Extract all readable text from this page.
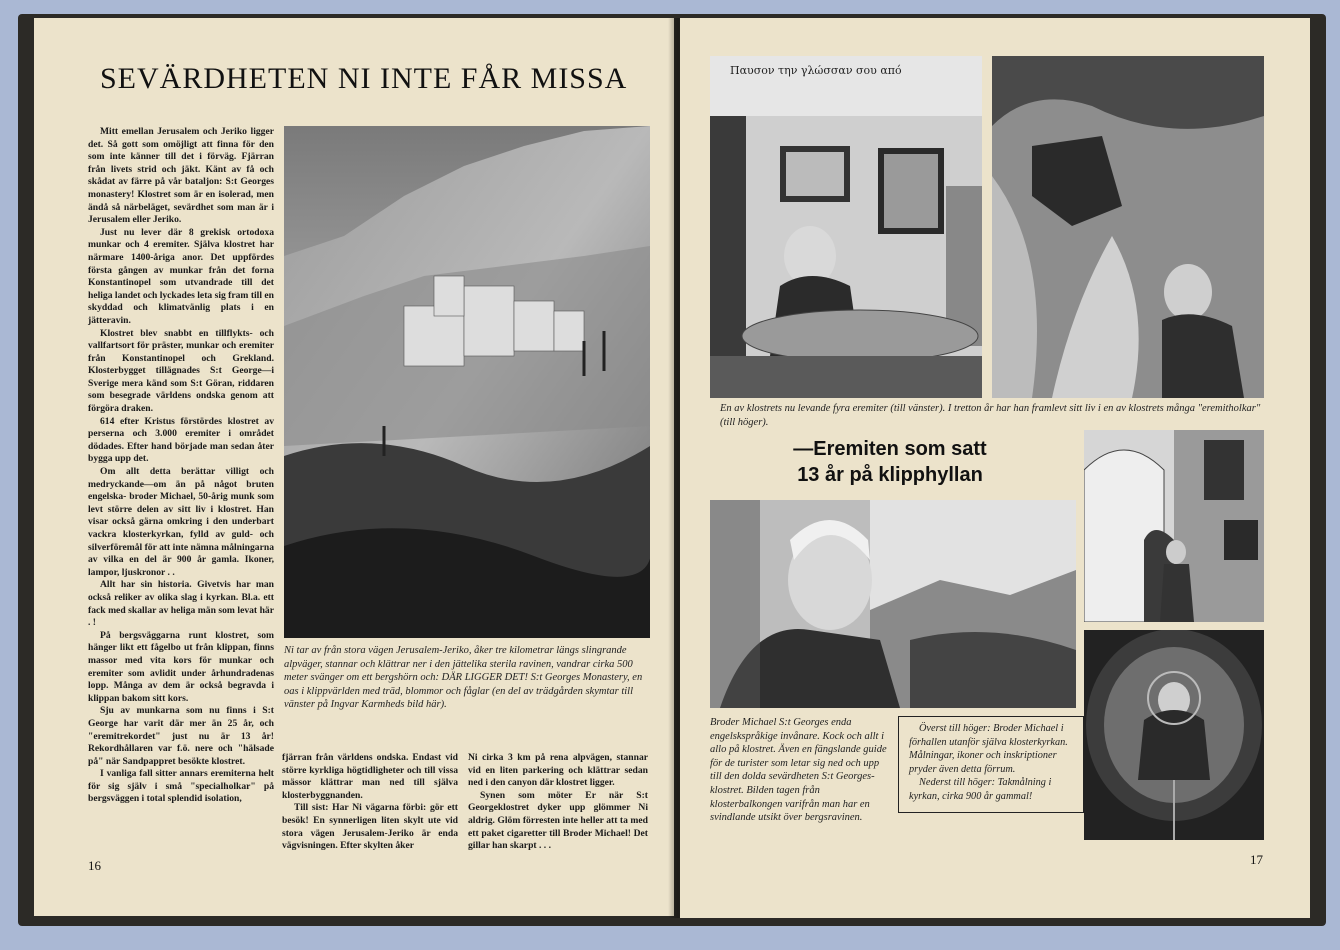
SEVÄRDHETEN NI INTE FÅR MISSA

Mitt emellan Jerusalem och Jeriko ligger det. Så gott som omöjligt att finna för den som inte känner till det i förväg. Fjärran från livets strid och jäkt. Känt av få och skådat av färre på vår bataljon: S:t Georges monastery! Klostret som är en isolerad, men ändå så närbeläget, sevärdhet som man är i Jerusalem eller Jeriko.

Just nu lever där 8 grekisk ortodoxa munkar och 4 eremiter. Själva klostret har närmare 1400-åriga anor. Det uppfördes första gången av munkar från det forna Konstantinopel som utvandrade till det heliga landet och lyckades leta sig fram till en skyddad och klimatvänlig plats i en jätteravin.

Klostret blev snabbt en tillflykts- och vallfartsort för präster, munkar och eremiter från Konstantinopel och Grekland. Klosterbygget tillägnades S:t George—i Sverige mera känd som S:t Göran, riddaren som besegrade världens ondska genom att förgöra draken.

614 efter Kristus förstördes klostret av perserna och 3.000 eremiter i området dödades. Efter hand började man sedan åter bygga upp det.

Om allt detta berättar villigt och medryckande—om än på något bruten engelska- broder Michael, 50-årig munk som levt större delen av sitt liv i klostret. Han visar också gärna omkring i den underbart vackra klosterkyrkan, fylld av guld- och silverföremål för att inte nämna målningarna av vilka en del är 900 år gamla. Ikoner, lampor, ljuskronor . .

Allt har sin historia. Givetvis har man också reliker av olika slag i kyrkan. Bl.a. ett fack med skallar av heliga män som levat här . !

På bergsväggarna runt klostret, som hänger likt ett fågelbo ut från klippan, finns massor med vita kors för munkar och eremiter som avlidit under århundradenas lopp. Många av dem är också begravda i klippan bakom sitt kors.

Sju av munkarna som nu finns i S:t George har varit där mer än 25 år, och "eremitrekordet" just nu är 13 år! Rekordhållaren var f.ö. nere och "hälsade på" när Sandpappret besökte klostret.

I vanliga fall sitter annars eremiterna helt för sig själv i små "specialholkar" på bergsväggen i total splendid isolation,

Ni tar av från stora vägen Jerusalem-Jeriko, åker tre kilometrar längs slingrande alpväger, stannar och klättrar ner i den jättelika sterila ravinen, vandrar cirka 500 meter svänger om ett bergshörn och: DÄR LIGGER DET! S:t Georges Monastery, en oas i klippvärlden med träd, blommor och fåglar (en del av trädgården skymtar till vänster på Ingvar Karmheds bild här).

fjärran från världens ondska. Endast vid större kyrkliga högtidligheter och till vissa mässor klättrar man ned till själva klosterbyggnanden.

Till sist: Har Ni vägarna förbi: gör ett besök! En synnerligen liten skylt ute vid stora vägen Jerusalem-Jeriko är enda vägvisningen. Efter skylten åker

Ni cirka 3 km på rena alpvägen, stannar vid en liten parkering och klättrar sedan ned i den canyon där klostret ligger.

Synen som möter Er när S:t Georgeklostret dyker upp glömmer Ni aldrig. Glöm förresten inte heller att ta med ett paket cigaretter till Broder Michael! Det gillar han skarpt . . .

16
Παυσον την γλώσσαν σου από
En av klostrets nu levande fyra eremiter (till vänster). I tretton år har han framlevt sitt liv i en av klostrets många "eremitholkar" (till höger).
—Eremiten som satt
13 år på klipphyllan
Broder Michael S:t Georges enda engelskspråkige invånare. Kock och allt i allo på klostret. Även en fängslande guide för de turister som letar sig ned och upp till den dolda sevärdheten S:t Georges-klostret. Bilden tagen från klosterbalkongen varifrån man har en svindlande utsikt över bergsravinen.

Överst till höger: Broder Michael i förhallen utanför själva klosterkyrkan. Målningar, ikoner och inskriptioner pryder även detta förrum.

Nederst till höger: Takmålning i kyrkan, cirka 900 år gammal!

17
